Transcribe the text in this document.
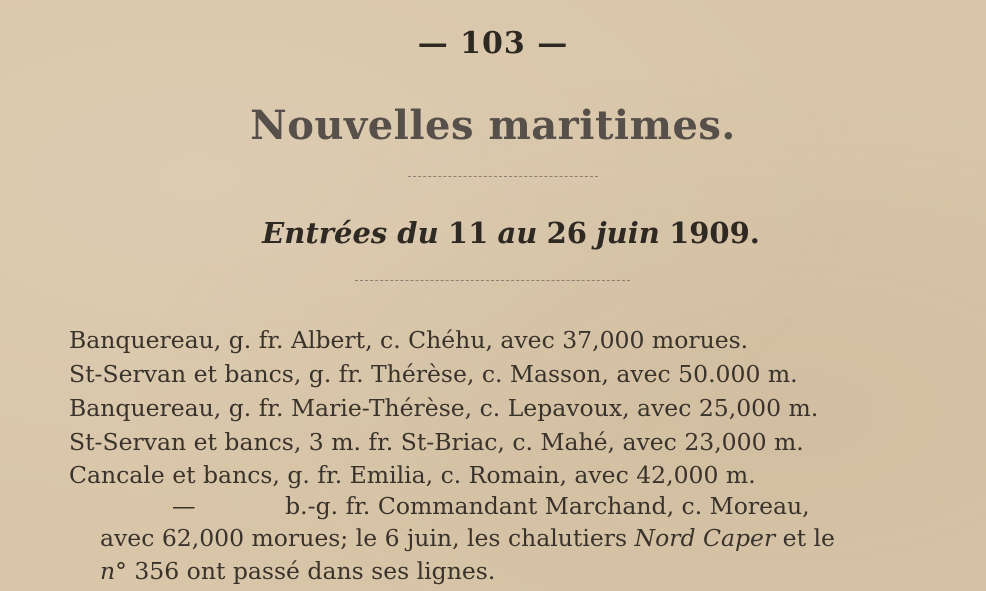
— 103 —
Nouvelles maritimes.
Entrées du 11 au 26 juin 1909.
Banquereau, g. fr. Albert, c. Chéhu, avec 37,000 morues.
St-Servan et bancs, g. fr. Thérèse, c. Masson, avec 50.000 m.
Banquereau, g. fr. Marie-Thérèse, c. Lepavoux, avec 25,000 m.
St-Servan et bancs, 3 m. fr. St-Briac, c. Mahé, avec 23,000 m.
Cancale et bancs, g. fr. Emilia, c. Romain, avec 42,000 m.
—            b.-g. fr. Commandant Marchand, c. Moreau,
avec 62,000 morues; le 6 juin, les chalutiers Nord Caper et le
n° 356 ont passé dans ses lignes.
